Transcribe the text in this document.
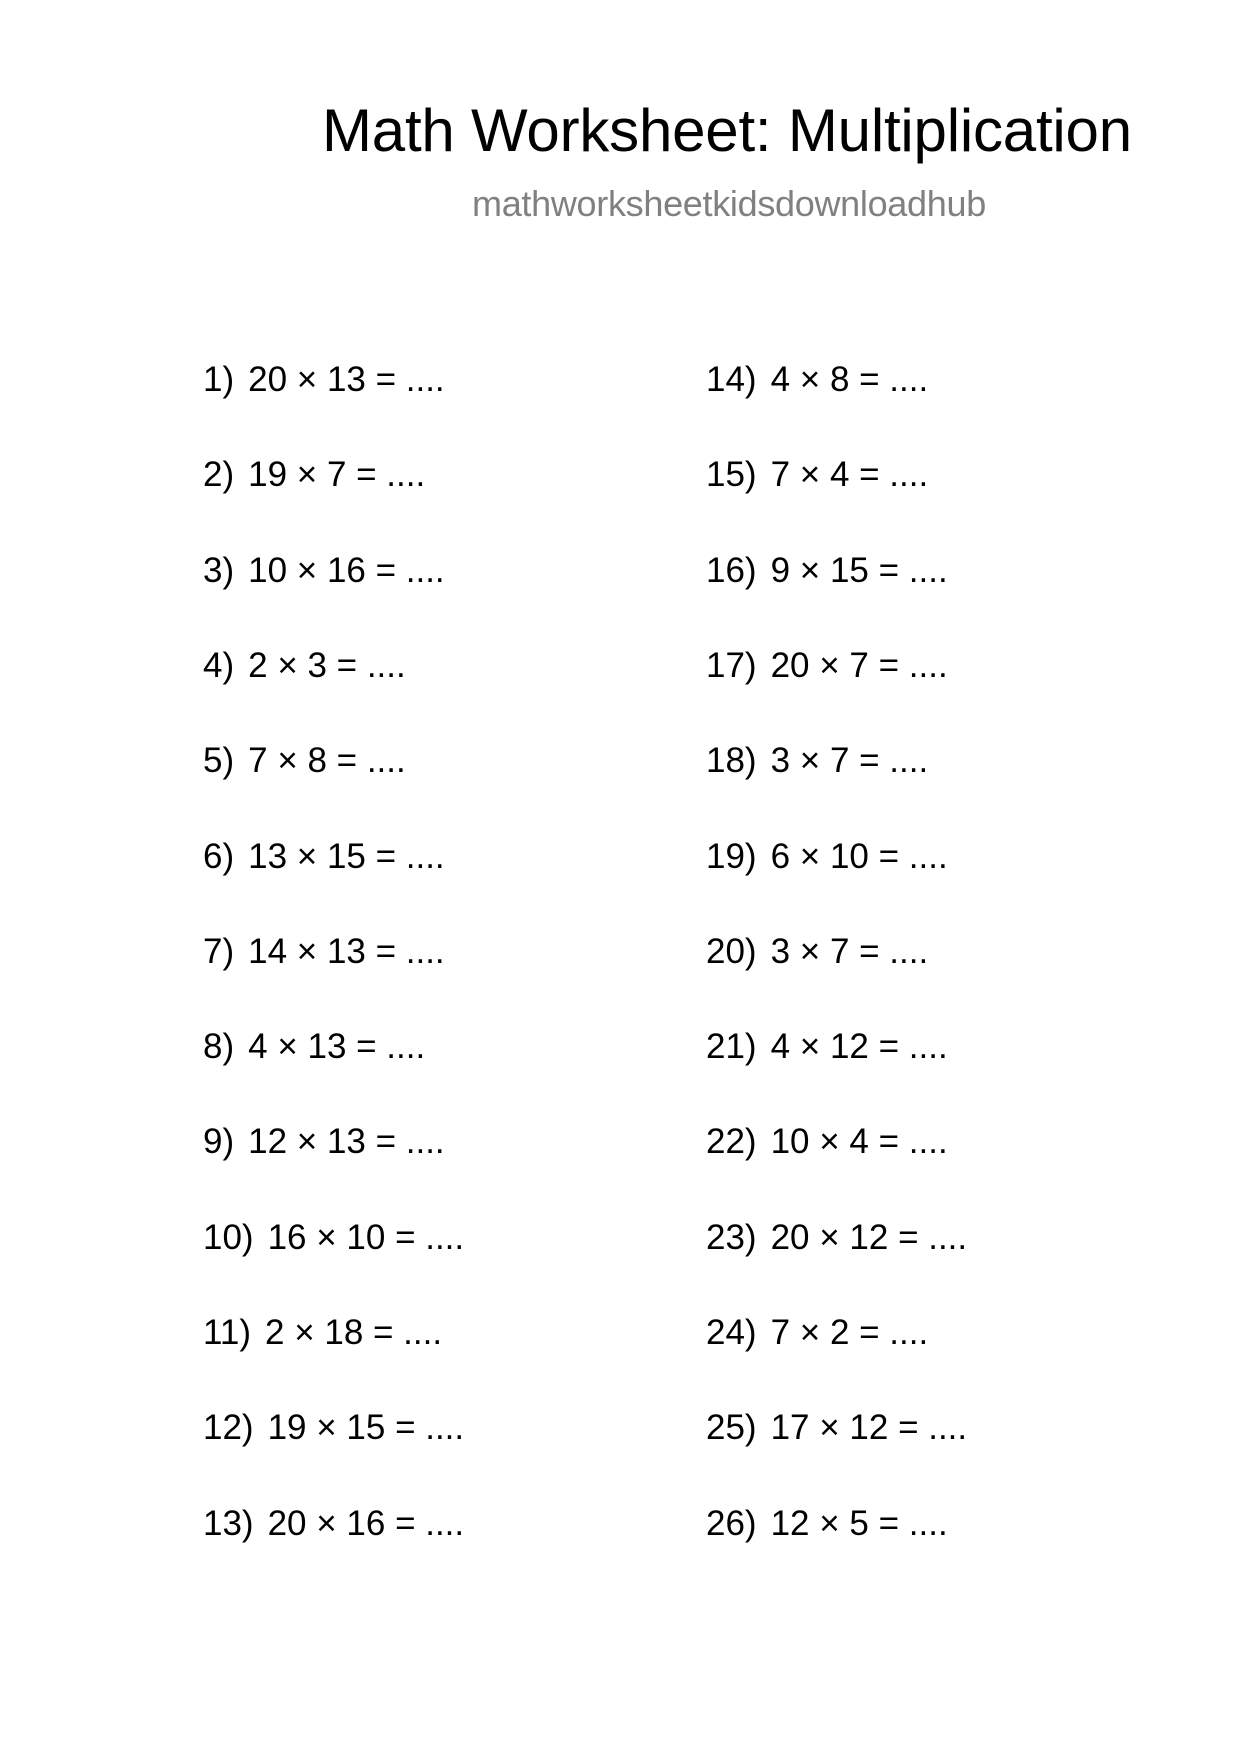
Math Worksheet: Multiplication
mathworksheetkidsdownloadhub
1) 20 × 13 = ....
2) 19 × 7 = ....
3) 10 × 16 = ....
4) 2 × 3 = ....
5) 7 × 8 = ....
6) 13 × 15 = ....
7) 14 × 13 = ....
8) 4 × 13 = ....
9) 12 × 13 = ....
10) 16 × 10 = ....
11) 2 × 18 = ....
12) 19 × 15 = ....
13) 20 × 16 = ....
14) 4 × 8 = ....
15) 7 × 4 = ....
16) 9 × 15 = ....
17) 20 × 7 = ....
18) 3 × 7 = ....
19) 6 × 10 = ....
20) 3 × 7 = ....
21) 4 × 12 = ....
22) 10 × 4 = ....
23) 20 × 12 = ....
24) 7 × 2 = ....
25) 17 × 12 = ....
26) 12 × 5 = ....
